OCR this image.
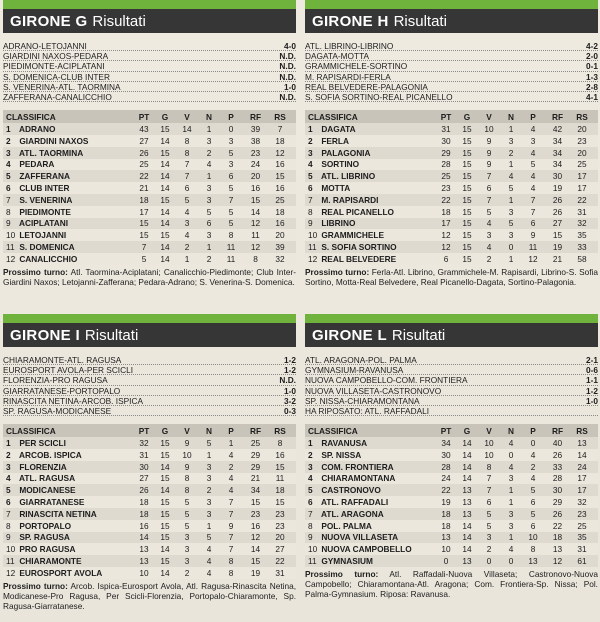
GIRONE G Risultati
ADRANO-LETOJANNI	4-0
GIARDINI NAXOS-PEDARA	N.D.
PIEDIMONTE-ACIPLATANI	N.D.
S. DOMENICA-CLUB INTER	N.D.
S. VENERINA-ATL. TAORMINA	1-0
ZAFFERANA-CANALICCHIO	N.D.
CLASSIFICA	PT	G	V	N	P	RF	RS
1 ADRANO	43	15	14	1	0	39	7
2 GIARDINI NAXOS	27	14	8	3	3	38	18
3 ATL. TAORMINA	26	15	8	2	5	23	12
4 PEDARA	25	14	7	4	3	24	16
5 ZAFFERANA	22	14	7	1	6	20	15
6 CLUB INTER	21	14	6	3	5	16	16
7 S. VENERINA	18	15	5	3	7	15	25
8 PIEDIMONTE	17	14	4	5	5	14	18
9 ACIPLATANI	15	14	3	6	5	12	16
10 LETOJANNI	15	15	4	3	8	11	20
11 S. DOMENICA	7	14	2	1	11	12	39
12 CANALICCHIO	5	14	1	2	11	8	32

Prossimo turno: Atl. Taormina-Aciplatani; Canalicchio-Piedimonte; Club Inter-Giardini Naxos; Letojanni-Zafferana; Pedara-Adrano; S. Venerina-S. Domenica.

GIRONE H Risultati
ATL. LIBRINO-LIBRINO	4-2
DAGATA-MOTTA	2-0
GRAMMICHELE-SORTINO	0-1
M. RAPISARDI-FERLA	1-3
REAL BELVEDERE-PALAGONIA	2-8
S. SOFIA SORTINO-REAL PICANELLO	4-1
CLASSIFICA	PT	G	V	N	P	RF	RS
1 DAGATA	31	15	10	1	4	42	20
2 FERLA	30	15	9	3	3	34	23
3 PALAGONIA	29	15	9	2	4	34	20
4 SORTINO	28	15	9	1	5	34	25
5 ATL. LIBRINO	25	15	7	4	4	30	17
6 MOTTA	23	15	6	5	4	19	17
7 M. RAPISARDI	22	15	7	1	7	26	22
8 REAL PICANELLO	18	15	5	3	7	26	31
9 LIBRINO	17	15	4	5	6	27	32
10 GRAMMICHELE	12	15	3	3	9	15	35
11 S. SOFIA SORTINO	12	15	4	0	11	19	33
12 REAL BELVEDERE	6	15	2	1	12	21	58

Prossimo turno: Ferla-Atl. Librino, Grammichele-M. Rapisardi, Librino-S. Sofia Sortino, Motta-Real Belvedere, Real Picanello-Dagata, Sortino-Palagonia.

GIRONE I Risultati
CHIARAMONTE-ATL. RAGUSA	1-2
EUROSPORT AVOLA-PER SCICLI	1-2
FLORENZIA-PRO RAGUSA	N.D.
GIARRATANESE-PORTOPALO	1-0
RINASCITA NETINA-ARCOB. ISPICA	3-2
SP. RAGUSA-MODICANESE	0-3
CLASSIFICA	PT	G	V	N	P	RF	RS
1 PER SCICLI	32	15	9	5	1	25	8
2 ARCOB. ISPICA	31	15	10	1	4	29	16
3 FLORENZIA	30	14	9	3	2	29	15
4 ATL. RAGUSA	27	15	8	3	4	21	11
5 MODICANESE	26	14	8	2	4	34	18
6 GIARRATANESE	18	15	5	3	7	15	15
7 RINASCITA NETINA	18	15	5	3	7	23	23
8 PORTOPALO	16	15	5	1	9	16	23
9 SP. RAGUSA	14	15	3	5	7	12	20
10 PRO RAGUSA	13	14	3	4	7	14	27
11 CHIARAMONTE	13	15	3	4	8	15	22
12 EUROSPORT AVOLA	10	14	2	4	8	19	31

Prossimo turno: Arcob. Ispica-Eurosport Avola, Atl. Ragusa-Rinascita Netina, Modicanese-Pro Ragusa, Per Scicli-Florenzia, Portopalo-Chiaramonte, Sp. Ragusa-Giarratanese.

GIRONE L Risultati
ATL. ARAGONA-POL. PALMA	2-1
GYMNASIUM-RAVANUSA	0-6
NUOVA CAMPOBELLO-COM. FRONTIERA	1-1
NUOVA VILLASETA-CASTRONOVO	1-2
SP. NISSA-CHIARAMONTANA	1-0
HA RIPOSATO: ATL. RAFFADALI
CLASSIFICA	PT	G	V	N	P	RF	RS
1 RAVANUSA	34	14	10	4	0	40	13
2 SP. NISSA	30	14	10	0	4	26	14
3 COM. FRONTIERA	28	14	8	4	2	33	24
4 CHIARAMONTANA	24	14	7	3	4	28	17
5 CASTRONOVO	22	13	7	1	5	30	17
6 ATL. RAFFADALI	19	13	6	1	6	29	32
7 ATL. ARAGONA	18	13	5	3	5	26	23
8 POL. PALMA	18	14	5	3	6	22	25
9 NUOVA VILLASETA	13	14	3	1	10	18	35
10 NUOVA CAMPOBELLO	10	14	2	4	8	13	31
11 GYMNASIUM	0	13	0	0	13	12	61

Prossimo turno: Atl. Raffadali-Nuova Villaseta; Castronovo-Nuova Campobello; Chiaramontana-Atl. Aragona; Com. Frontiera-Sp. Nissa; Pol. Palma-Gymnasium. Riposa: Ravanusa.
